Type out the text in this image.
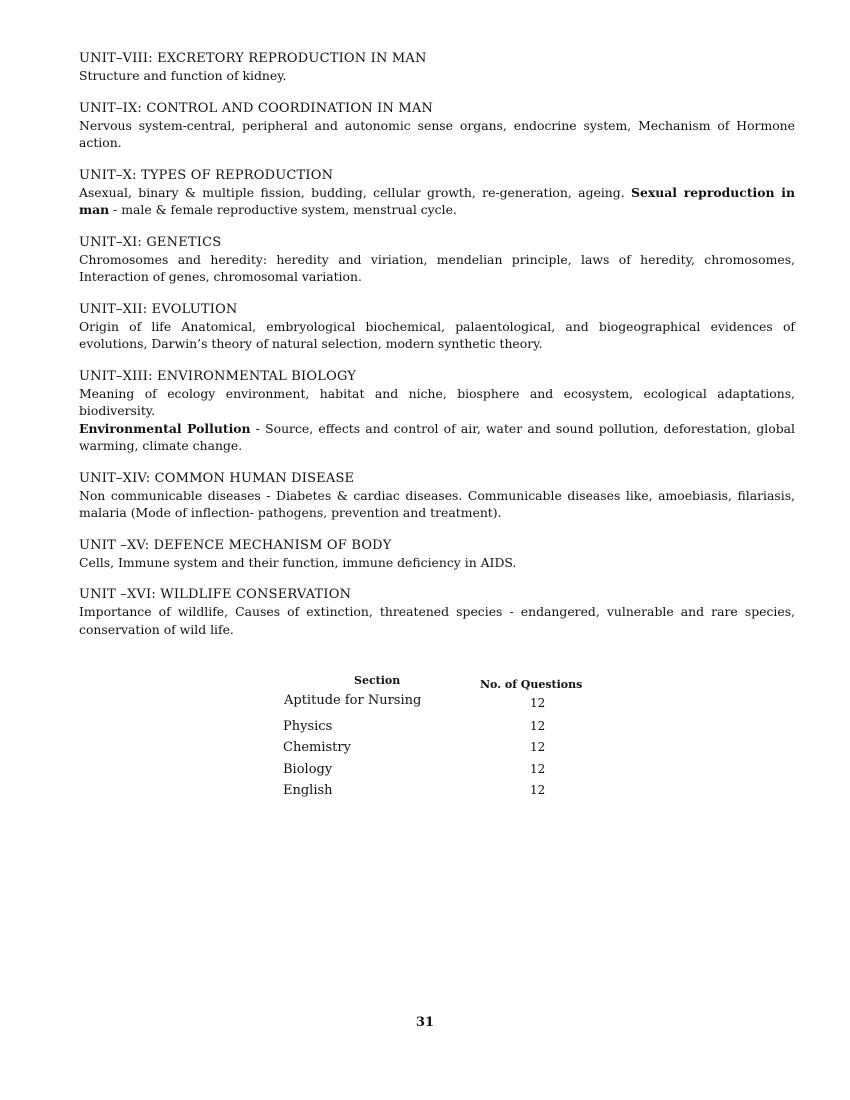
UNIT–VIII: EXCRETORY REPRODUCTION IN MAN

Structure and function of kidney.

UNIT–IX: CONTROL AND COORDINATION IN MAN

Nervous system-central, peripheral and autonomic sense organs, endocrine system, Mechanism of Hormone action.

UNIT–X: TYPES OF REPRODUCTION

Asexual, binary & multiple fission, budding, cellular growth, re-generation, ageing. Sexual reproduction in man - male & female reproductive system, menstrual cycle.

UNIT–XI: GENETICS

Chromosomes and heredity: heredity and viriation, mendelian principle, laws of heredity, chromosomes, Interaction of genes, chromosomal variation.

UNIT–XII: EVOLUTION

Origin of life Anatomical, embryological biochemical, palaentological, and biogeographical evidences of evolutions, Darwin’s theory of natural selection, modern synthetic theory.

UNIT–XIII: ENVIRONMENTAL BIOLOGY

Meaning of ecology environment, habitat and niche, biosphere and ecosystem, ecological adaptations, biodiversity.

Environmental Pollution - Source, effects and control of air, water and sound pollution, deforestation, global warming, climate change.

UNIT–XIV: COMMON HUMAN DISEASE

Non communicable diseases - Diabetes & cardiac diseases. Communicable diseases like, amoebiasis, filariasis, malaria (Mode of inflection- pathogens, prevention and treatment).

UNIT –XV: DEFENCE MECHANISM OF BODY

Cells, Immune system and their function, immune deficiency in AIDS.

UNIT –XVI: WILDLIFE CONSERVATION

Importance of wildlife, Causes of extinction, threatened species - endangered, vulnerable and rare species, conservation of wild life.

Section	No. of Questions
Aptitude for Nursing	12
Physics	12
Chemistry	12
Biology	12
English	12
31
